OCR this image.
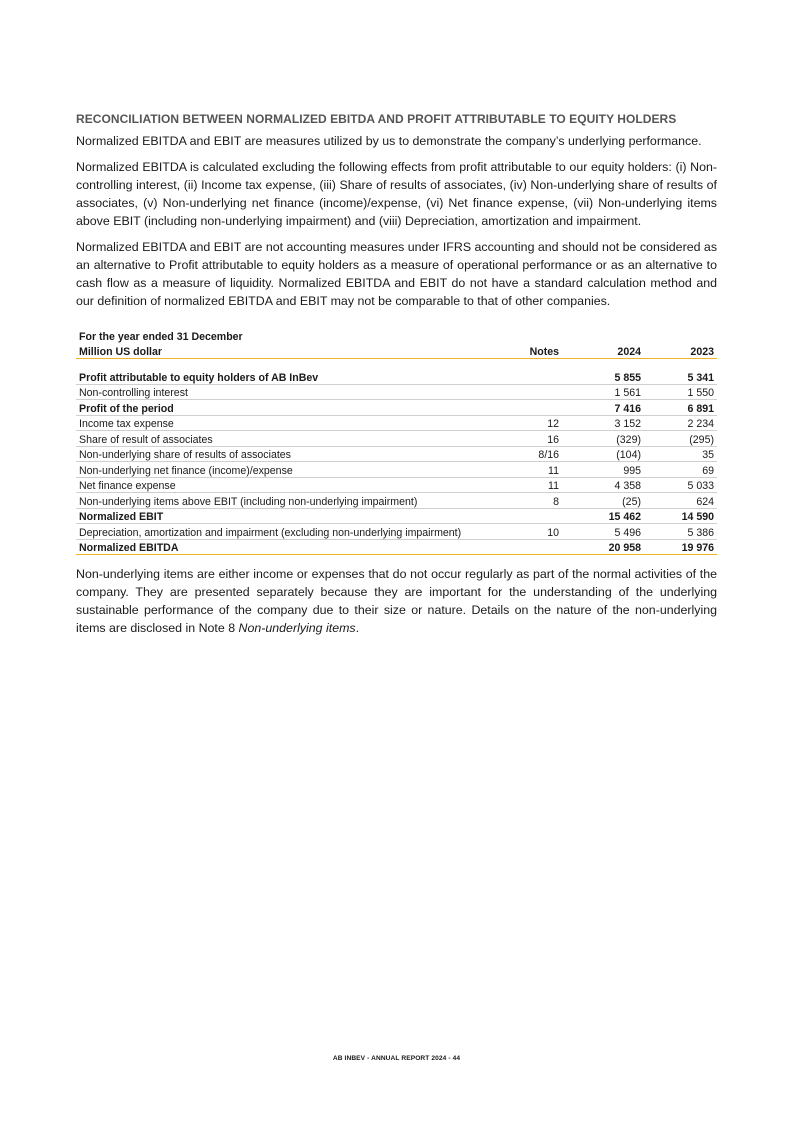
RECONCILIATION BETWEEN NORMALIZED EBITDA AND PROFIT ATTRIBUTABLE TO EQUITY HOLDERS

Normalized EBITDA and EBIT are measures utilized by us to demonstrate the company’s underlying performance.

Normalized EBITDA is calculated excluding the following effects from profit attributable to our equity holders: (i) Non-controlling interest, (ii) Income tax expense, (iii) Share of results of associates, (iv) Non-underlying share of results of associates, (v) Non-underlying net finance (income)/expense, (vi) Net finance expense, (vii) Non-underlying items above EBIT (including non-underlying impairment) and (viii) Depreciation, amortization and impairment.

Normalized EBITDA and EBIT are not accounting measures under IFRS accounting and should not be considered as an alternative to Profit attributable to equity holders as a measure of operational performance or as an alternative to cash flow as a measure of liquidity. Normalized EBITDA and EBIT do not have a standard calculation method and our definition of normalized EBITDA and EBIT may not be comparable to that of other companies.

For the year ended 31 December			
Million US dollar	Notes	2024	2023

Profit attributable to equity holders of AB InBev		5 855	5 341
Non-controlling interest		1 561	1 550
Profit of the period		7 416	6 891
Income tax expense	12	3 152	2 234
Share of result of associates	16	(329)	(295)
Non-underlying share of results of associates	8/16	(104)	35
Non-underlying net finance (income)/expense	11	995	69
Net finance expense	11	4 358	5 033
Non-underlying items above EBIT (including non-underlying impairment)	8	(25)	624
Normalized EBIT		15 462	14 590
Depreciation, amortization and impairment (excluding non-underlying impairment)	10	5 496	5 386
Normalized EBITDA		20 958	19 976

Non-underlying items are either income or expenses that do not occur regularly as part of the normal activities of the company. They are presented separately because they are important for the understanding of the underlying sustainable performance of the company due to their size or nature. Details on the nature of the non-underlying items are disclosed in Note 8 Non-underlying items.

AB INBEV - ANNUAL REPORT 2024 - 44
